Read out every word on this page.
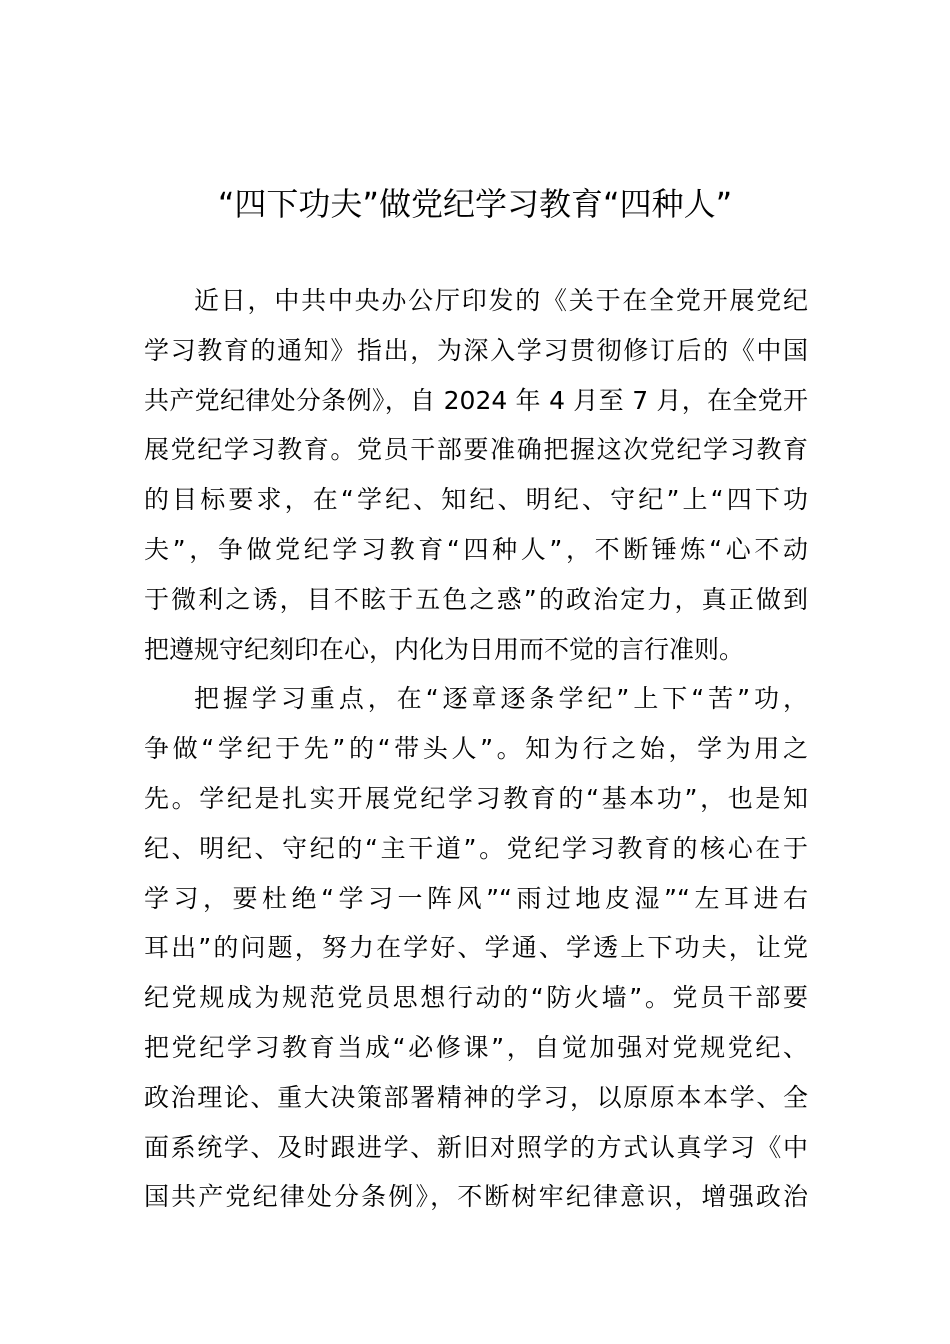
“四下功夫”做党纪学习教育“四种人”
近日，中共中央办公厅印发的《关于在全党开展党纪
学习教育的通知》指出，为深入学习贯彻修订后的《中国
共产党纪律处分条例》，自 2024 年 4 月至 7 月，在全党开
展党纪学习教育。党员干部要准确把握这次党纪学习教育
的目标要求，在“学纪、知纪、明纪、守纪”上“四下功
夫”，争做党纪学习教育“四种人”，不断锤炼“心不动
于微利之诱，目不眩于五色之惑”的政治定力，真正做到
把遵规守纪刻印在心，内化为日用而不觉的言行准则。
把握学习重点，在“逐章逐条学纪”上下“苦”功，
争做“学纪于先”的“带头人”。知为行之始，学为用之
先。学纪是扎实开展党纪学习教育的“基本功”，也是知
纪、明纪、守纪的“主干道”。党纪学习教育的核心在于
学习，要杜绝“学习一阵风”“雨过地皮湿”“左耳进右
耳出”的问题，努力在学好、学通、学透上下功夫，让党
纪党规成为规范党员思想行动的“防火墙”。党员干部要
把党纪学习教育当成“必修课”，自觉加强对党规党纪、
政治理论、重大决策部署精神的学习，以原原本本学、全
面系统学、及时跟进学、新旧对照学的方式认真学习《中
国共产党纪律处分条例》，不断树牢纪律意识，增强政治
